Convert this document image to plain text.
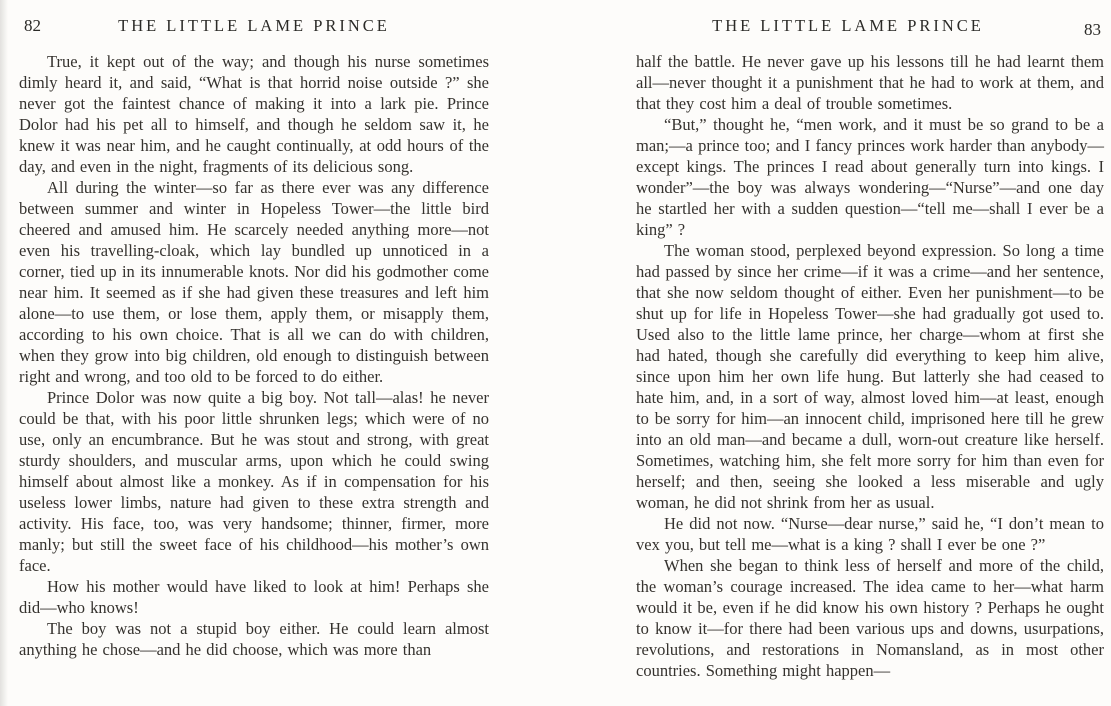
82	THE LITTLE LAME PRINCE

True, it kept out of the way; and though his nurse sometimes dimly heard it, and said, “What is that horrid noise outside ?” she never got the faintest chance of making it into a lark pie. Prince Dolor had his pet all to himself, and though he seldom saw it, he knew it was near him, and he caught continually, at odd hours of the day, and even in the night, fragments of its delicious song.

All during the winter—so far as there ever was any difference between summer and winter in Hopeless Tower—the little bird cheered and amused him. He scarcely needed anything more—not even his travelling-cloak, which lay bundled up unnoticed in a corner, tied up in its innumerable knots. Nor did his godmother come near him. It seemed as if she had given these treasures and left him alone—to use them, or lose them, apply them, or misapply them, according to his own choice. That is all we can do with children, when they grow into big children, old enough to distinguish between right and wrong, and too old to be forced to do either.

Prince Dolor was now quite a big boy. Not tall—alas! he never could be that, with his poor little shrunken legs; which were of no use, only an encumbrance. But he was stout and strong, with great sturdy shoulders, and muscular arms, upon which he could swing himself about almost like a monkey. As if in compensation for his useless lower limbs, nature had given to these extra strength and activity. His face, too, was very handsome; thinner, firmer, more manly; but still the sweet face of his childhood—his mother’s own face.

How his mother would have liked to look at him! Perhaps she did—who knows!

The boy was not a stupid boy either. He could learn almost anything he chose—and he did choose, which was more than

THE LITTLE LAME PRINCE	83

half the battle. He never gave up his lessons till he had learnt them all—never thought it a punishment that he had to work at them, and that they cost him a deal of trouble sometimes.

“But,” thought he, “men work, and it must be so grand to be a man;—a prince too; and I fancy princes work harder than anybody—except kings. The princes I read about generally turn into kings. I wonder”—the boy was always wondering—“Nurse”—and one day he startled her with a sudden question—“tell me—shall I ever be a king” ?

The woman stood, perplexed beyond expression. So long a time had passed by since her crime—if it was a crime—and her sentence, that she now seldom thought of either. Even her punishment—to be shut up for life in Hopeless Tower—she had gradually got used to. Used also to the little lame prince, her charge—whom at first she had hated, though she carefully did everything to keep him alive, since upon him her own life hung. But latterly she had ceased to hate him, and, in a sort of way, almost loved him—at least, enough to be sorry for him—an innocent child, imprisoned here till he grew into an old man—and became a dull, worn-out creature like herself. Sometimes, watching him, she felt more sorry for him than even for herself; and then, seeing she looked a less miserable and ugly woman, he did not shrink from her as usual.

He did not now. “Nurse—dear nurse,” said he, “I don’t mean to vex you, but tell me—what is a king ? shall I ever be one ?”

When she began to think less of herself and more of the child, the woman’s courage increased. The idea came to her—what harm would it be, even if he did know his own history ? Perhaps he ought to know it—for there had been various ups and downs, usurpations, revolutions, and restorations in Nomansland, as in most other countries. Something might happen—
